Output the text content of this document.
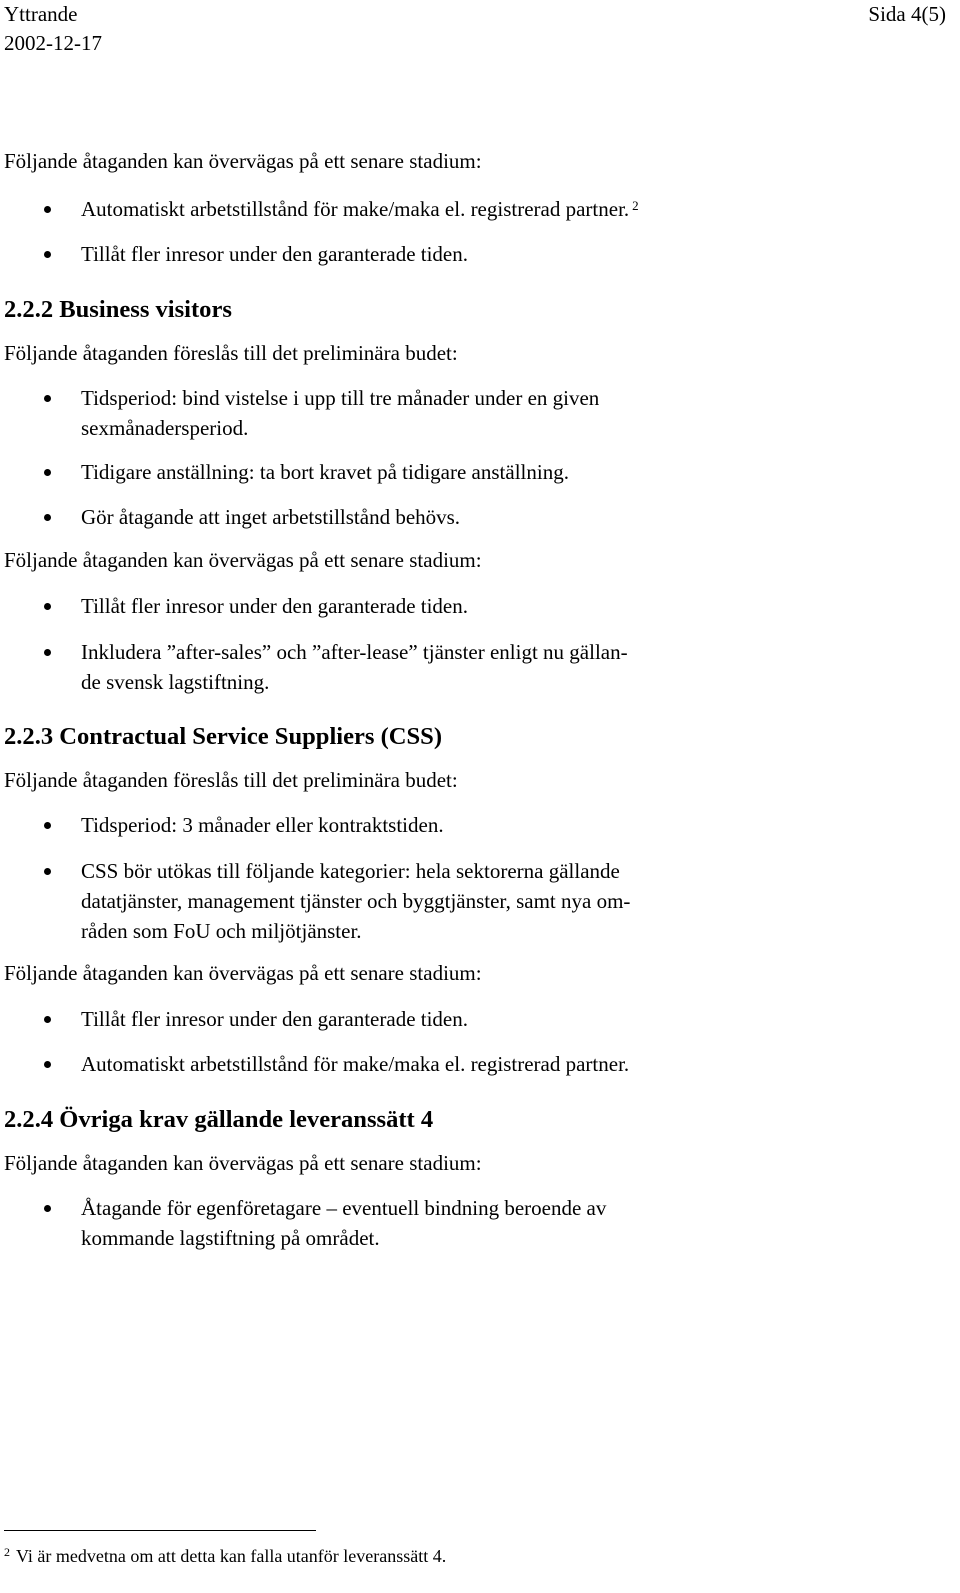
Yttrande
2002-12-17
Sida 4(5)

Följande åtaganden kan övervägas på ett senare stadium:

Automatiskt arbetstillstånd för make/maka el. registrerad partner. $^2$
Tillåt fler inresor under den garanterade tiden.
2.2.2 Business visitors

Följande åtaganden föreslås till det preliminära budet:

Tidsperiod: bind vistelse i upp till tre månader under en given
sexmånadersperiod.
Tidigare anställning: ta bort kravet på tidigare anställning.
Gör åtagande att inget arbetstillstånd behövs.

Följande åtaganden kan övervägas på ett senare stadium:

Tillåt fler inresor under den garanterade tiden.
Inkludera ”after-sales” och ”after-lease” tjänster enligt nu gällan-
de svensk lagstiftning.
2.2.3 Contractual Service Suppliers (CSS)

Följande åtaganden föreslås till det preliminära budet:

Tidsperiod: 3 månader eller kontraktstiden.
CSS bör utökas till följande kategorier: hela sektorerna gällande
datatjänster, management tjänster och byggtjänster, samt nya om-
råden som FoU och miljötjänster.

Följande åtaganden kan övervägas på ett senare stadium:

Tillåt fler inresor under den garanterade tiden.
Automatiskt arbetstillstånd för make/maka el. registrerad partner.
2.2.4 Övriga krav gällande leveranssätt 4

Följande åtaganden kan övervägas på ett senare stadium:

Åtagande för egenföretagare – eventuell bindning beroende av
kommande lagstiftning på området.
$^2$ Vi är medvetna om att detta kan falla utanför leveranssätt 4.
